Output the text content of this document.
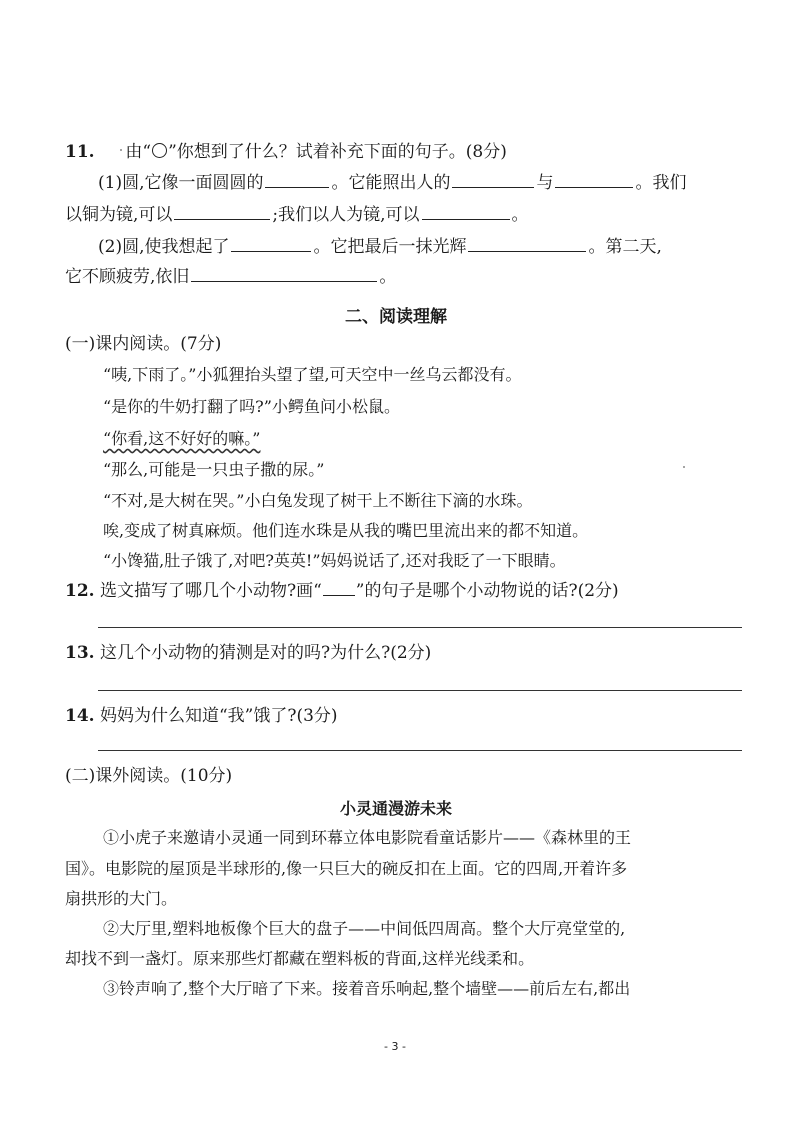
11. 由“ ”你想到了什么？试着补充下面的句子。(8分)
(1)圆,它像一面圆圆的	。它能照出人的	与	。我们
以铜为镜,可以	;我们以人为镜,可以	。
(2)圆,使我想起了	。它把最后一抹光辉	。第二天,
它不顾疲劳,依旧	。
二、阅读理解
(一)课内阅读。(7分)
“咦,下雨了。”小狐狸抬头望了望,可天空中一丝乌云都没有。
“是你的牛奶打翻了吗?”小鳄鱼问小松鼠。
“你看,这不好好的嘛。”
“那么,可能是一只虫子撒的尿。”
“不对,是大树在哭。”小白兔发现了树干上不断往下滴的水珠。
唉,变成了树真麻烦。他们连水珠是从我的嘴巴里流出来的都不知道。
“小馋猫,肚子饿了,对吧?英英!”妈妈说话了,还对我眨了一下眼睛。
12. 选文描写了哪几个小动物?画“ ”的句子是哪个小动物说的话?(2分)
13. 这几个小动物的猜测是对的吗?为什么?(2分)
14. 妈妈为什么知道“我”饿了?(3分)
(二)课外阅读。(10分)
小灵通漫游未来
①小虎子来邀请小灵通一同到环幕立体电影院看童话影片——《森林里的王
国》。电影院的屋顶是半球形的,像一只巨大的碗反扣在上面。它的四周,开着许多
扇拱形的大门。
②大厅里,塑料地板像个巨大的盘子——中间低四周高。整个大厅亮堂堂的,
却找不到一盏灯。原来那些灯都藏在塑料板的背面,这样光线柔和。
③铃声响了,整个大厅暗了下来。接着音乐响起,整个墙壁——前后左右,都出
- 3 -
